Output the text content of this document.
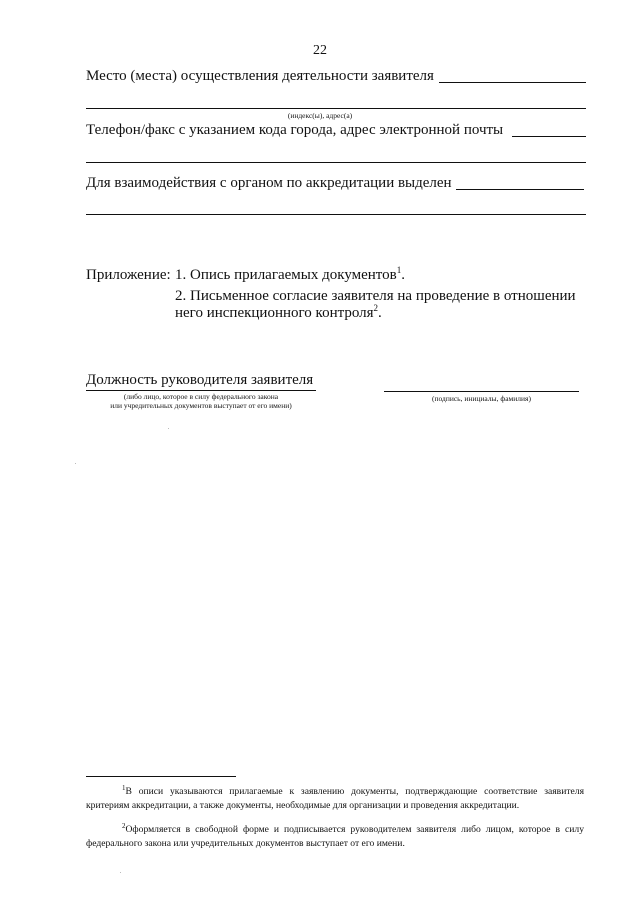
22
Место (места) осуществления деятельности заявителя
(индекс(ы), адрес(а)
Телефон/факс с указанием кода города, адрес электронной почты
Для взаимодействия с органом по аккредитации выделен
Приложение: 1. Опись прилагаемых документов$^1$.
2. Письменное согласие заявителя на проведение в отношении
него инспекционного контроля$^2$.
Должность руководителя заявителя
(либо лицо, которое в силу федерального закона
или учредительных документов выступает от его имени)
(подпись, инициалы, фамилия)
$^1$В описи указываются прилагаемые к заявлению документы, подтверждающие соответствие заявителя критериям аккредитации, а также документы, необходимые для организации и проведения аккредитации.
$^2$Оформляется в свободной форме и подписывается руководителем заявителя либо лицом, которое в силу федерального закона или учредительных документов выступает от его имени.
